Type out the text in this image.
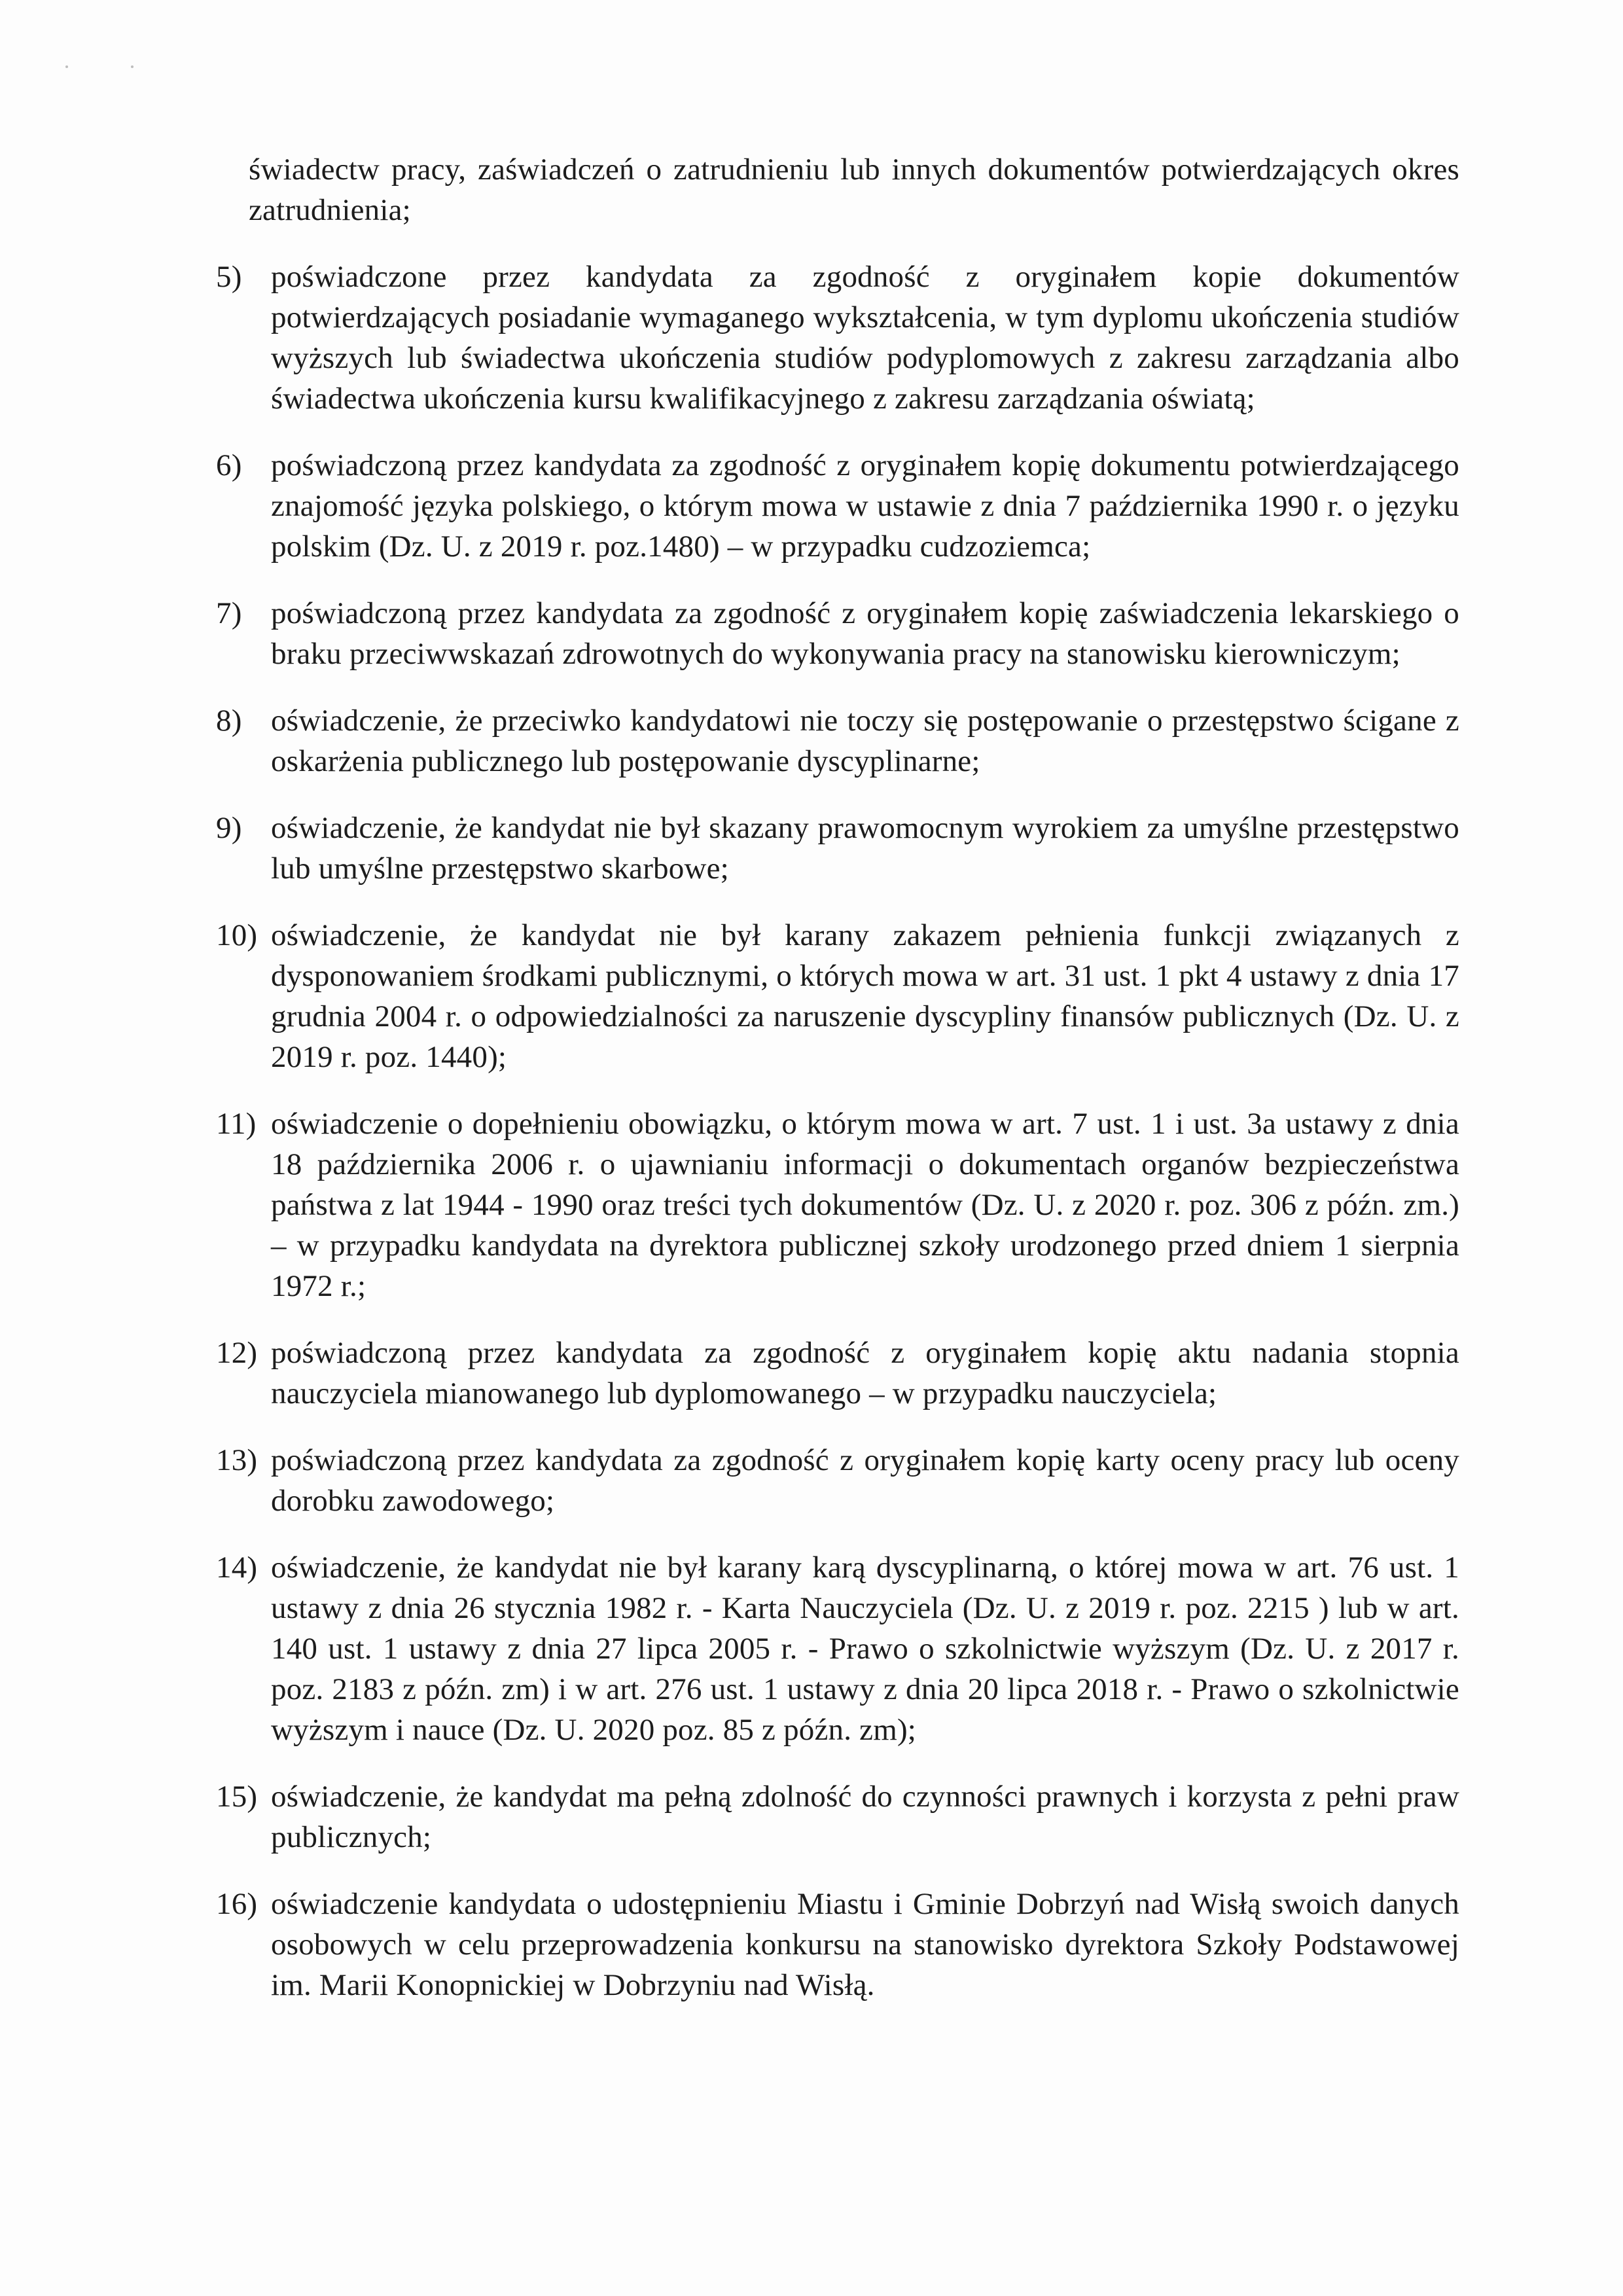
świadectw pracy, zaświadczeń o zatrudnieniu lub innych dokumentów potwierdzających okres zatrudnienia;
5) poświadczone przez kandydata za zgodność z oryginałem kopie dokumentów potwierdzających posiadanie wymaganego wykształcenia, w tym dyplomu ukończenia studiów wyższych lub świadectwa ukończenia studiów podyplomowych z zakresu zarządzania albo świadectwa ukończenia kursu kwalifikacyjnego z zakresu zarządzania oświatą;
6) poświadczoną przez kandydata za zgodność z oryginałem kopię dokumentu potwierdzającego znajomość języka polskiego, o którym mowa w ustawie z dnia 7 października 1990 r. o języku polskim (Dz. U. z 2019 r. poz.1480) – w przypadku cudzoziemca;
7) poświadczoną przez kandydata za zgodność z oryginałem kopię zaświadczenia lekarskiego o braku przeciwwskazań zdrowotnych do wykonywania pracy na stanowisku kierowniczym;
8) oświadczenie, że przeciwko kandydatowi nie toczy się postępowanie o przestępstwo ścigane z oskarżenia publicznego lub postępowanie dyscyplinarne;
9) oświadczenie, że kandydat nie był skazany prawomocnym wyrokiem za umyślne przestępstwo lub umyślne przestępstwo skarbowe;
10) oświadczenie, że kandydat nie był karany zakazem pełnienia funkcji związanych z dysponowaniem środkami publicznymi, o których mowa w art. 31 ust. 1 pkt 4 ustawy z dnia 17 grudnia 2004 r. o odpowiedzialności za naruszenie dyscypliny finansów publicznych (Dz. U. z 2019 r. poz. 1440);
11) oświadczenie o dopełnieniu obowiązku, o którym mowa w art. 7 ust. 1 i ust. 3a ustawy z dnia 18 października 2006 r. o ujawnianiu informacji o dokumentach organów bezpieczeństwa państwa z lat 1944 - 1990 oraz treści tych dokumentów (Dz. U. z 2020 r. poz. 306 z późn. zm.) – w przypadku kandydata na dyrektora publicznej szkoły urodzonego przed dniem 1 sierpnia 1972 r.;
12) poświadczoną przez kandydata za zgodność z oryginałem kopię aktu nadania stopnia nauczyciela mianowanego lub dyplomowanego – w przypadku nauczyciela;
13) poświadczoną przez kandydata za zgodność z oryginałem kopię karty oceny pracy lub oceny dorobku zawodowego;
14) oświadczenie, że kandydat nie był karany karą dyscyplinarną, o której mowa w art. 76 ust. 1 ustawy z dnia 26 stycznia 1982 r. - Karta Nauczyciela (Dz. U. z 2019 r. poz. 2215 ) lub w art. 140 ust. 1 ustawy z dnia 27 lipca 2005 r. - Prawo o szkolnictwie wyższym (Dz. U. z 2017 r. poz. 2183 z późn. zm) i w art. 276 ust. 1 ustawy z dnia 20 lipca 2018 r. - Prawo o szkolnictwie wyższym i nauce (Dz. U. 2020 poz. 85 z późn. zm);
15) oświadczenie, że kandydat ma pełną zdolność do czynności prawnych i korzysta z pełni praw publicznych;
16) oświadczenie kandydata o udostępnieniu Miastu i Gminie Dobrzyń nad Wisłą swoich danych osobowych w celu przeprowadzenia konkursu na stanowisko dyrektora Szkoły Podstawowej im. Marii Konopnickiej w Dobrzyniu nad Wisłą.
